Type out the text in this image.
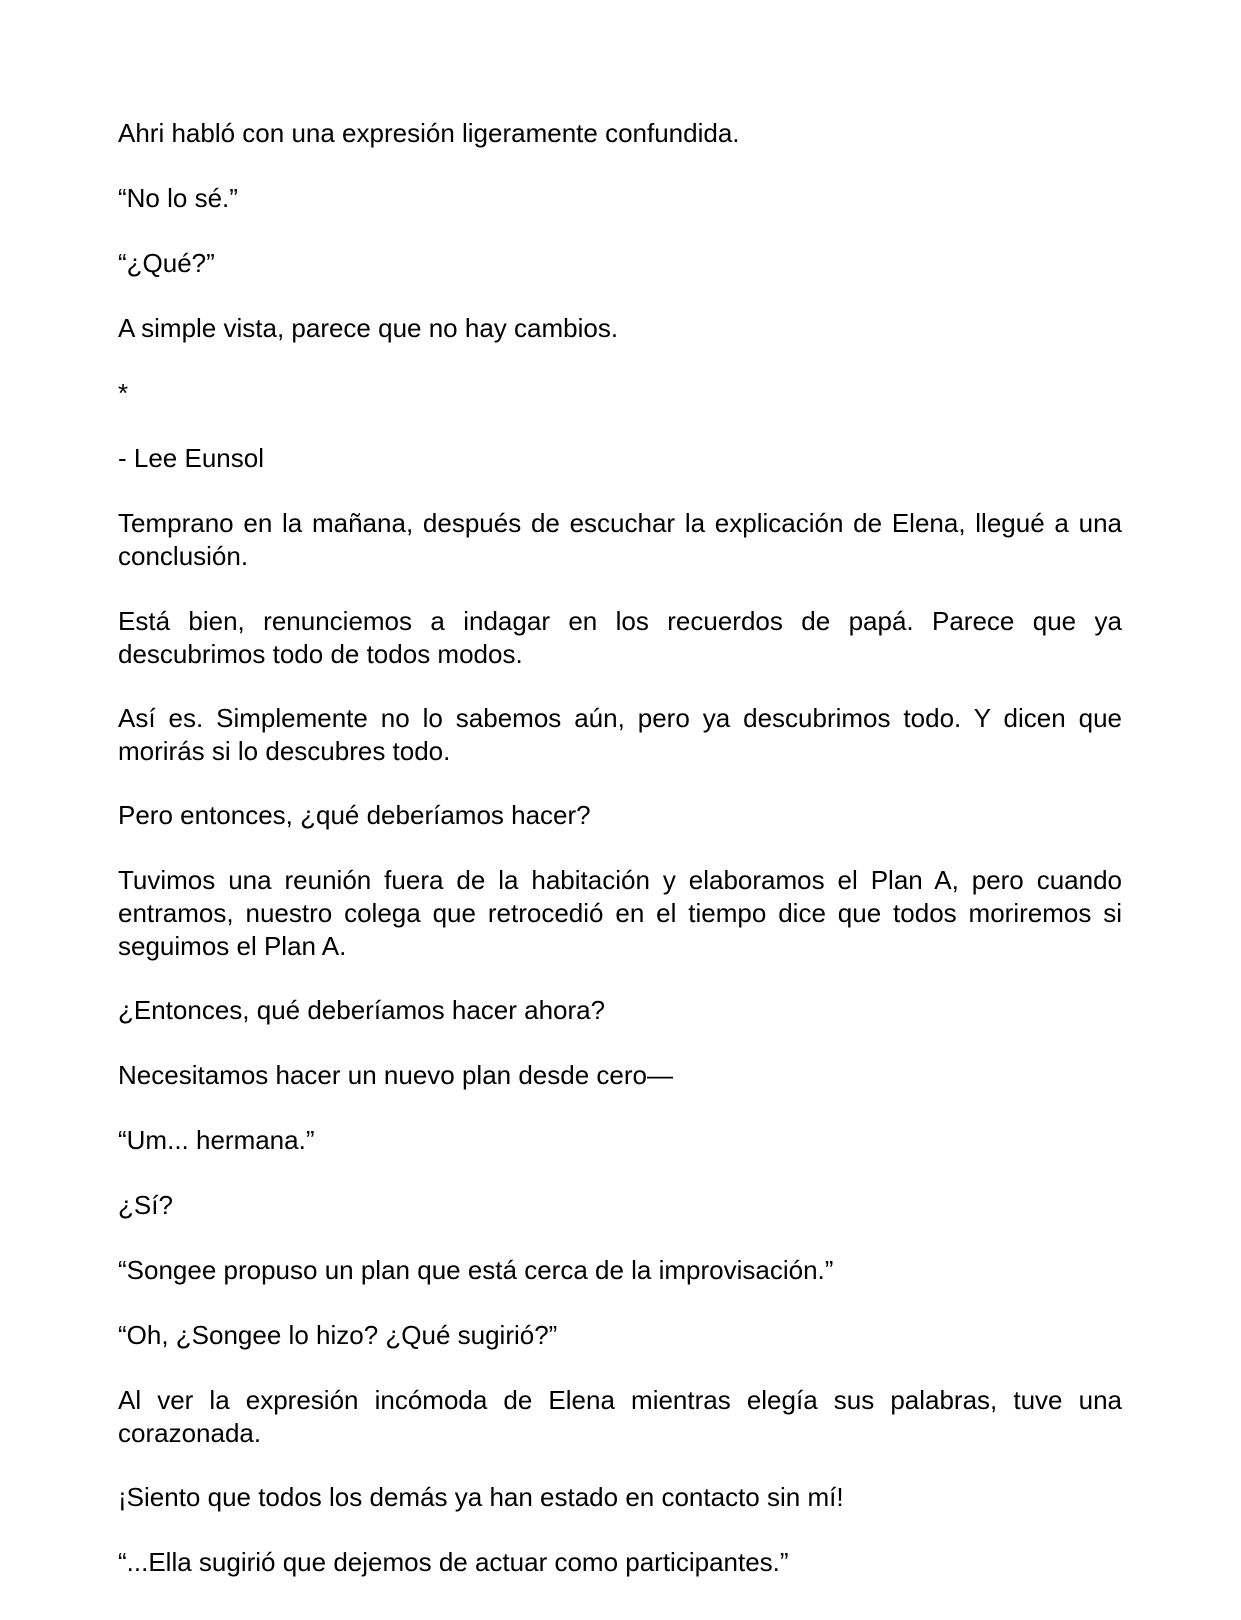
Ahri habló con una expresión ligeramente confundida.

“No lo sé.”

“¿Qué?”

A simple vista, parece que no hay cambios.

*

- Lee Eunsol

Temprano en la mañana, después de escuchar la explicación de Elena, llegué a una conclusión.

Está bien, renunciemos a indagar en los recuerdos de papá. Parece que ya descubrimos todo de todos modos.

Así es. Simplemente no lo sabemos aún, pero ya descubrimos todo. Y dicen que morirás si lo descubres todo.

Pero entonces, ¿qué deberíamos hacer?

Tuvimos una reunión fuera de la habitación y elaboramos el Plan A, pero cuando entramos, nuestro colega que retrocedió en el tiempo dice que todos moriremos si seguimos el Plan A.

¿Entonces, qué deberíamos hacer ahora?

Necesitamos hacer un nuevo plan desde cero—

“Um... hermana.”

¿Sí?

“Songee propuso un plan que está cerca de la improvisación.”

“Oh, ¿Songee lo hizo? ¿Qué sugirió?”

Al ver la expresión incómoda de Elena mientras elegía sus palabras, tuve una corazonada.

¡Siento que todos los demás ya han estado en contacto sin mí!

“...Ella sugirió que dejemos de actuar como participantes.”
